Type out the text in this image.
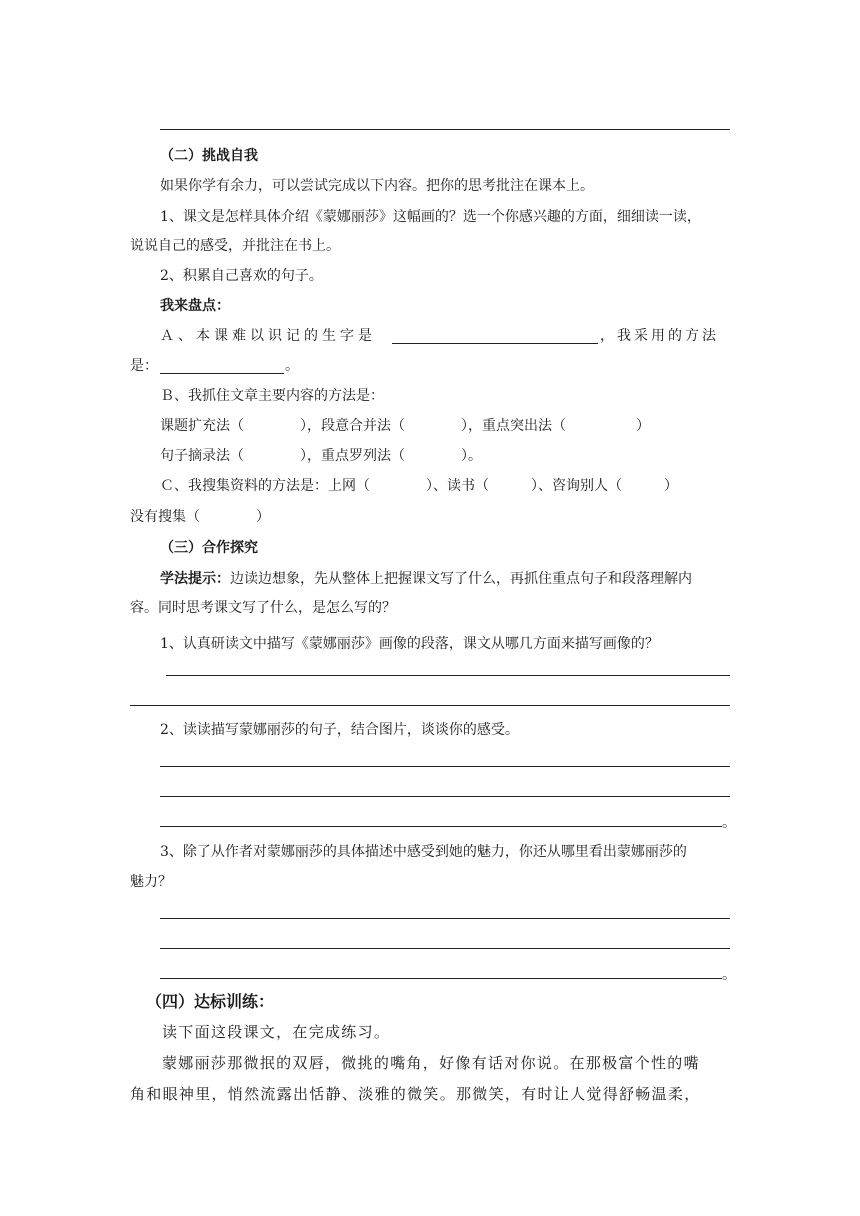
（二）挑战自我
如果你学有余力，可以尝试完成以下内容。把你的思考批注在课本上。
1、课文是怎样具体介绍《蒙娜丽莎》这幅画的？选一个你感兴趣的方面，细细读一读，
说说自己的感受，并批注在书上。
2、积累自己喜欢的句子。
我来盘点：
Ａ、本课难以识记的生字是	，我采用的方法
是：	。
Ｂ、我抓住文章主要内容的方法是：
课题扩充法（　　　　），段意合并法（　　　　），重点突出法（　　　　　）
句子摘录法（　　　　），重点罗列法（　　　　）。
Ｃ、我搜集资料的方法是：上网（　　　　）、读书（　　　）、咨询别人（　　　）
没有搜集（　　　　）
（三）合作探究
学法提示：边读边想象，先从整体上把握课文写了什么，再抓住重点句子和段落理解内
容。同时思考课文写了什么，是怎么写的？
1、认真研读文中描写《蒙娜丽莎》画像的段落，课文从哪几方面来描写画像的？
2、读读描写蒙娜丽莎的句子，结合图片，谈谈你的感受。
。
3、除了从作者对蒙娜丽莎的具体描述中感受到她的魅力，你还从哪里看出蒙娜丽莎的
魅力？
。
（四）达标训练：
读下面这段课文，在完成练习。
蒙娜丽莎那微抿的双唇，微挑的嘴角，好像有话对你说。在那极富个性的嘴
角和眼神里，悄然流露出恬静、淡雅的微笑。那微笑，有时让人觉得舒畅温柔，
